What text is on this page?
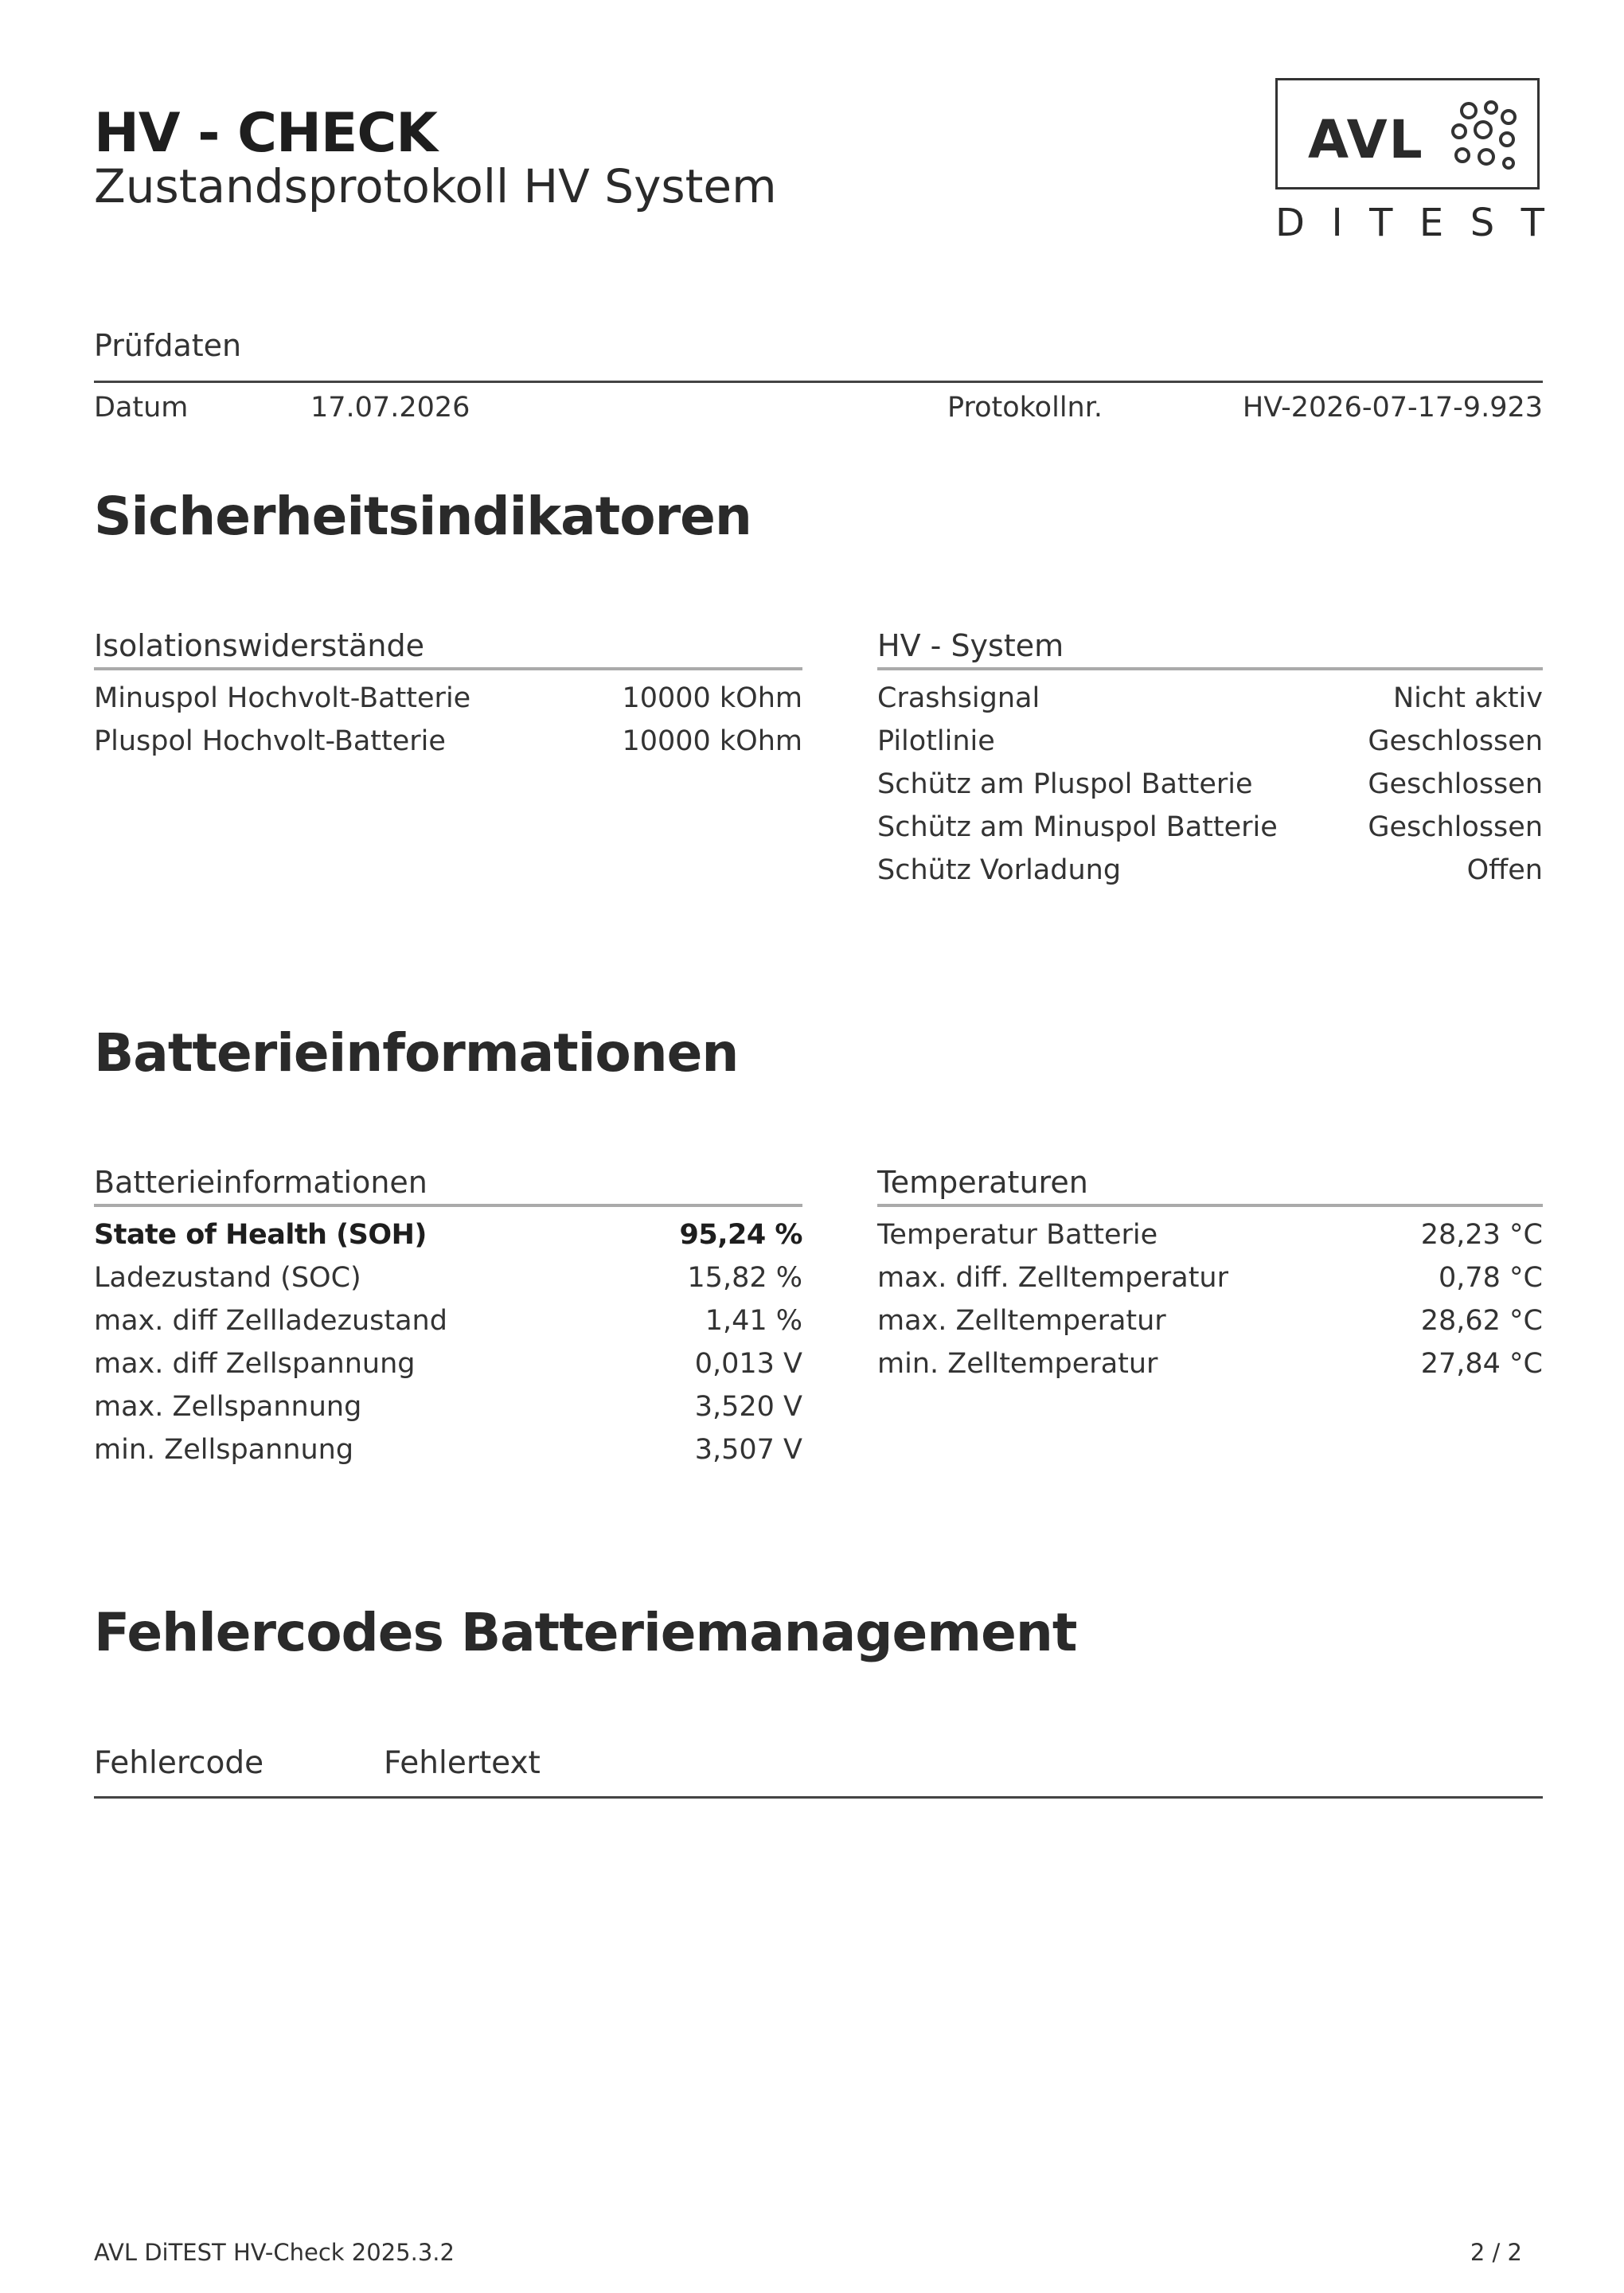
HV - CHECK
Zustandsprotokoll HV System
AVL
D I T E S T
Prüfdaten
Datum	17.07.2026	Protokollnr.	HV-2026-07-17-9.923
Sicherheitsindikatoren
Isolationswiderstände
Minuspol Hochvolt-Batterie	10000 kOhm
Pluspol Hochvolt-Batterie	10000 kOhm
HV - System
Crashsignal	Nicht aktiv
Pilotlinie	Geschlossen
Schütz am Pluspol Batterie	Geschlossen
Schütz am Minuspol Batterie	Geschlossen
Schütz Vorladung	Offen
Batterieinformationen
Batterieinformationen
State of Health (SOH)	95,24 %
Ladezustand (SOC)	15,82 %
max. diff Zellladezustand	1,41 %
max. diff Zellspannung	0,013 V
max. Zellspannung	3,520 V
min. Zellspannung	3,507 V
Temperaturen
Temperatur Batterie	28,23 °C
max. diff. Zelltemperatur	0,78 °C
max. Zelltemperatur	28,62 °C
min. Zelltemperatur	27,84 °C
Fehlercodes Batteriemanagement
Fehlercode	Fehlertext
AVL DiTEST HV-Check 2025.3.2	2 / 2
